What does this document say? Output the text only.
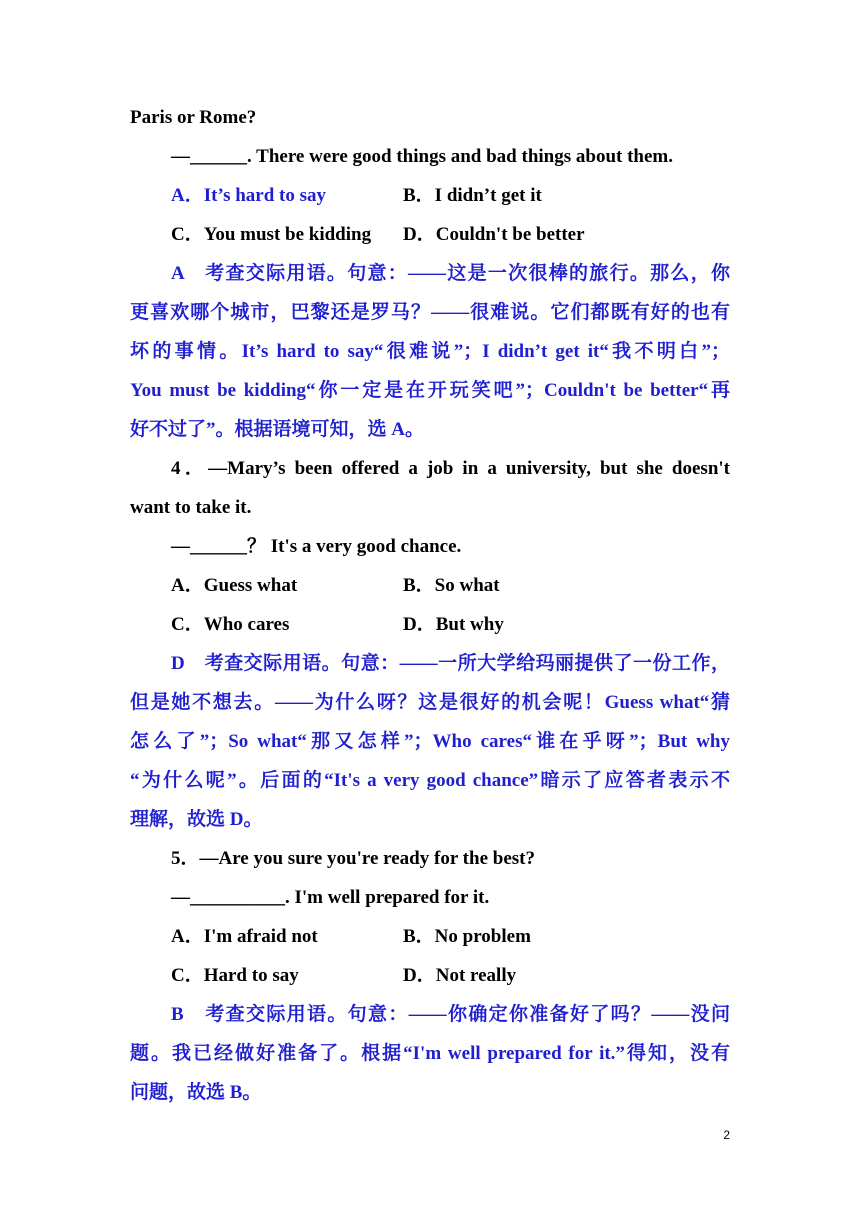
Paris or Rome?
—______. There were good things and bad things about them.
A．It’s hard to say	B．I didn’t get it
C．You must be kidding	D．Couldn't be better
A　考查交际用语。句意：——这是一次很棒的旅行。那么，你
更喜欢哪个城市，巴黎还是罗马？——很难说。它们都既有好的也有
坏的事情。It’s hard to say“很难说”；I didn’t get it“我不明白”；
You must be kidding“你一定是在开玩笑吧”；Couldn't be better“再
好不过了”。根据语境可知，选 A。
4．—Mary’s been offered a job in a university, but she doesn't
want to take it.
—______？ It's a very good chance.
A．Guess what	B．So what
C．Who cares	D．But why
D　考查交际用语。句意：——一所大学给玛丽提供了一份工作，
但是她不想去。——为什么呀？这是很好的机会呢！Guess what“猜
怎么了”；So what“那又怎样”；Who cares“谁在乎呀”；But why
“为什么呢”。后面的“It's a very good chance”暗示了应答者表示不
理解，故选 D。
5．—Are you sure you're ready for the best?
—__________. I'm well prepared for it.
A．I'm afraid not	B．No problem
C．Hard to say	D．Not really
B　考查交际用语。句意：——你确定你准备好了吗？——没问
题。我已经做好准备了。根据“I'm well prepared for it.”得知，没有
问题，故选 B。
2
